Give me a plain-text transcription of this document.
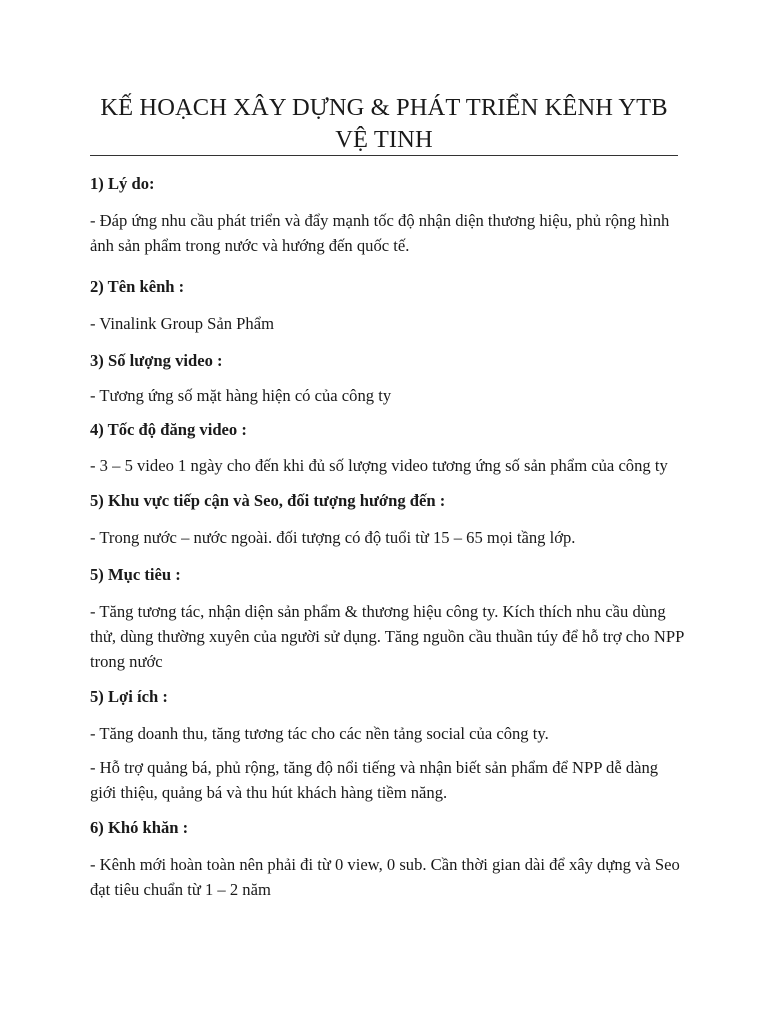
KẾ HOẠCH XÂY DỰNG & PHÁT TRIỂN KÊNH YTB
VỆ TINH

1) Lý do:

- Đáp ứng nhu cầu phát triển và đẩy mạnh tốc độ nhận diện thương hiệu, phủ rộng hình ảnh sản phẩm trong nước và hướng đến quốc tế.

2) Tên kênh :

- Vinalink Group Sản Phẩm

3) Số lượng video :

- Tương ứng số mặt hàng hiện có của công ty

4) Tốc độ đăng video :

- 3 – 5 video 1 ngày cho đến khi đủ số lượng video tương ứng số sản phẩm của công ty

5) Khu vực tiếp cận và Seo, đối tượng hướng đến :

- Trong nước – nước ngoài. đối tượng có độ tuổi từ 15 – 65 mọi tầng lớp.

5) Mục tiêu :

- Tăng tương tác, nhận diện sản phẩm & thương hiệu công ty. Kích thích nhu cầu dùng thử, dùng thường xuyên của người sử dụng. Tăng nguồn cầu thuần túy để hỗ trợ cho NPP trong nước

5) Lợi ích :

- Tăng doanh thu, tăng tương tác cho các nền tảng social của công ty.

- Hỗ trợ quảng bá, phủ rộng, tăng độ nổi tiếng và nhận biết sản phẩm để NPP dễ dàng giới thiệu, quảng bá và thu hút khách hàng tiềm năng.

6) Khó khăn :

- Kênh mới hoàn toàn nên phải đi từ 0 view, 0 sub. Cần thời gian dài để xây dựng và Seo đạt tiêu chuẩn từ 1 – 2 năm
